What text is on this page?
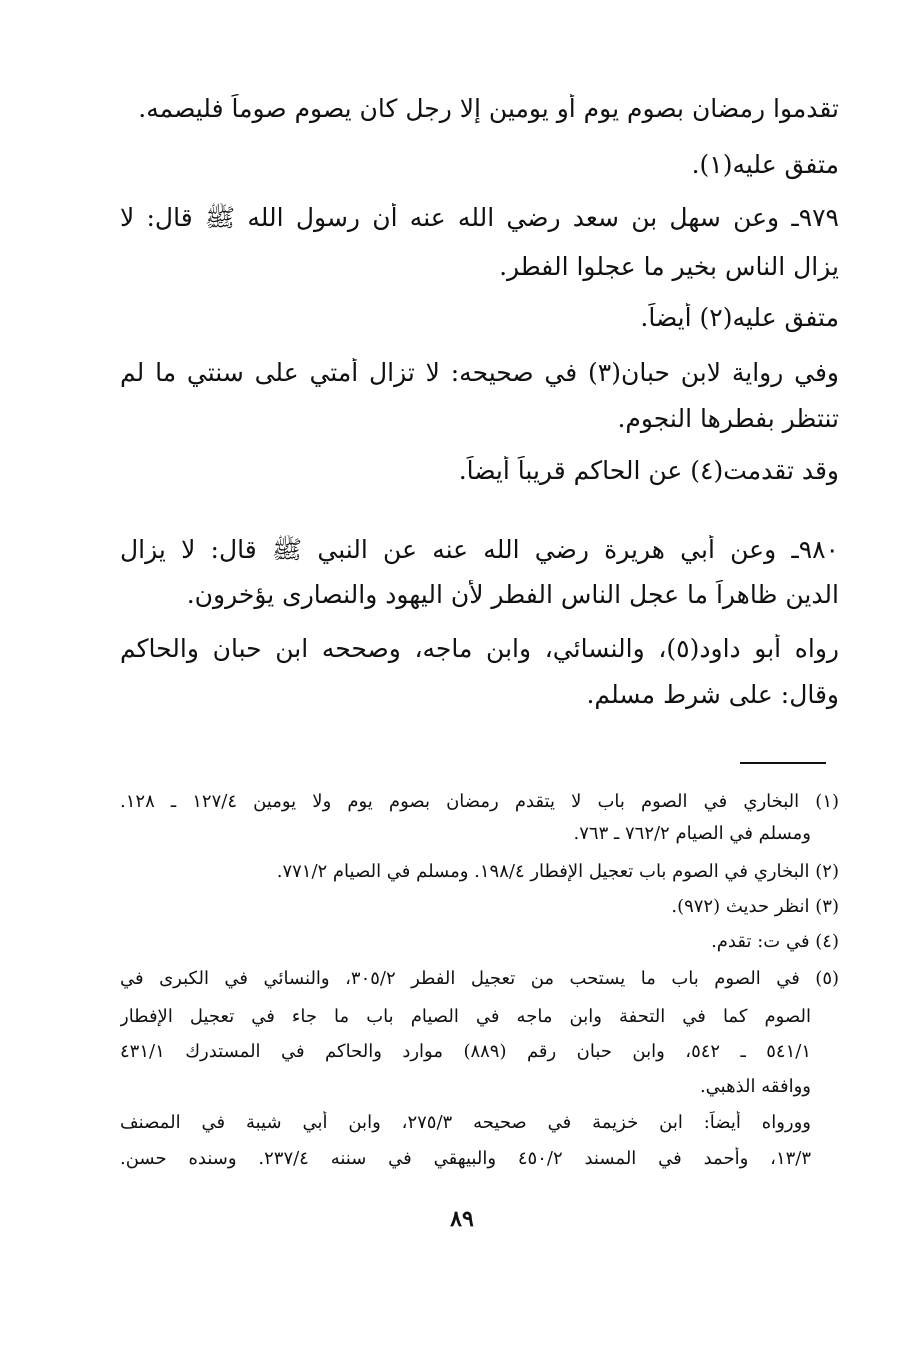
تقدموا رمضان بصوم يوم أو يومين إلا رجل كان يصوم صوماً فليصمه.
متفق عليه(١).
٩٧٩ـ وعن سهل بن سعد رضي الله عنه أن رسول الله ﷺ قال: لا
يزال الناس بخير ما عجلوا الفطر.
متفق عليه(٢) أيضاً.
وفي رواية لابن حبان(٣) في صحيحه: لا تزال أمتي على سنتي ما لم
تنتظر بفطرها النجوم.
وقد تقدمت(٤) عن الحاكم قريباً أيضاً.
٩٨٠ـ وعن أبي هريرة رضي الله عنه عن النبي ﷺ قال: لا يزال
الدين ظاهراً ما عجل الناس الفطر لأن اليهود والنصارى يؤخرون.
رواه أبو داود(٥)، والنسائي، وابن ماجه، وصححه ابن حبان والحاكم
وقال: على شرط مسلم.
(١) البخاري في الصوم باب لا يتقدم رمضان بصوم يوم ولا يومين ١٢٧/٤ ـ ١٢٨.
ومسلم في الصيام ٧٦٢/٢ ـ ٧٦٣.
(٢) البخاري في الصوم باب تعجيل الإفطار ١٩٨/٤. ومسلم في الصيام ٧٧١/٢.
(٣) انظر حديث (٩٧٢).
(٤) في ت: تقدم.
(٥) في الصوم باب ما يستحب من تعجيل الفطر ٣٠٥/٢، والنسائي في الكبرى في
الصوم كما في التحفة وابن ماجه في الصيام باب ما جاء في تعجيل الإفطار
٥٤١/١ ـ ٥٤٢، وابن حبان رقم (٨٨٩) موارد والحاكم في المستدرك ٤٣١/١
ووافقه الذهبي.
وورواه أيضاً: ابن خزيمة في صحيحه ٢٧٥/٣، وابن أبي شيبة في المصنف
١٣/٣، وأحمد في المسند ٤٥٠/٢ والبيهقي في سننه ٢٣٧/٤. وسنده حسن.
٨٩
